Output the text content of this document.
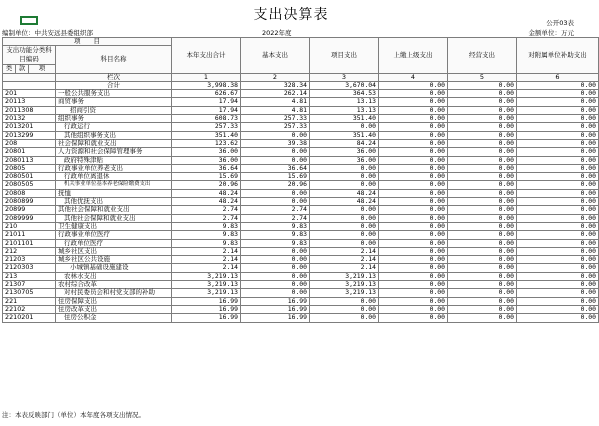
支出决算表	公开03表
编制单位：中共安远县委组织部	2022年度	金额单位：万元
项　　目				本年支出合计	基本支出	项目支出	上缴上级支出	经营支出	对附属单位补助支出
支出功能分类科目编码			科目名称						

类	款	项							
			栏次	1	2	3	4	5	6
			合计	3,998.38	328.34	3,670.04	0.00	0.00	0.00
201			一般公共服务支出	626.67	262.14	364.53	0.00	0.00	0.00
20113			商贸事务	17.94	4.81	13.13	0.00	0.00	0.00
2011308			招商引资	17.94	4.81	13.13	0.00	0.00	0.00
20132			组织事务	608.73	257.33	351.40	0.00	0.00	0.00
2013201			行政运行	257.33	257.33	0.00	0.00	0.00	0.00
2013299			其他组织事务支出	351.40	0.00	351.40	0.00	0.00	0.00
208			社会保障和就业支出	123.62	39.38	84.24	0.00	0.00	0.00
20801			人力资源和社会保障管理事务	36.00	0.00	36.00	0.00	0.00	0.00
2080113			政府特殊津贴	36.00	0.00	36.00	0.00	0.00	0.00
20805			行政事业单位养老支出	36.64	36.64	0.00	0.00	0.00	0.00
2080501			行政单位离退休	15.69	15.69	0.00	0.00	0.00	0.00
2080505			机关事业单位基本养老保险缴费支出	20.96	20.96	0.00	0.00	0.00	0.00
20808			抚恤	48.24	0.00	48.24	0.00	0.00	0.00
2080899			其他优抚支出	48.24	0.00	48.24	0.00	0.00	0.00
20899			其他社会保障和就业支出	2.74	2.74	0.00	0.00	0.00	0.00
2089999			其他社会保障和就业支出	2.74	2.74	0.00	0.00	0.00	0.00
210			卫生健康支出	9.83	9.83	0.00	0.00	0.00	0.00
21011			行政事业单位医疗	9.83	9.83	0.00	0.00	0.00	0.00
2101101			行政单位医疗	9.83	9.83	0.00	0.00	0.00	0.00
212			城乡社区支出	2.14	0.00	2.14	0.00	0.00	0.00
21203			城乡社区公共设施	2.14	0.00	2.14	0.00	0.00	0.00
2120303			小城镇基础设施建设	2.14	0.00	2.14	0.00	0.00	0.00
213			农林水支出	3,219.13	0.00	3,219.13	0.00	0.00	0.00
21307			农村综合改革	3,219.13	0.00	3,219.13	0.00	0.00	0.00
2130705			对村民委员会和村党支部的补助	3,219.13	0.00	3,219.13	0.00	0.00	0.00
221			住房保障支出	16.99	16.99	0.00	0.00	0.00	0.00
22102			住房改革支出	16.99	16.99	0.00	0.00	0.00	0.00
2210201			住房公积金	16.99	16.99	0.00	0.00	0.00	0.00
注：本表反映部门（单位）本年度各项支出情况。
